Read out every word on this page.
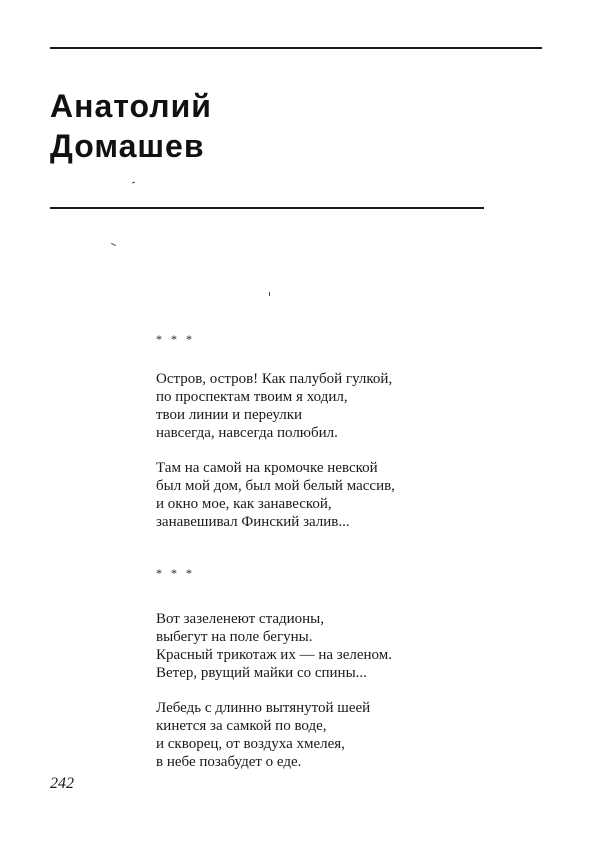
Анатолий
Домашев
* * *
Остров, остров! Как палубой гулкой,
по проспектам твоим я ходил,
твои линии и переулки
навсегда, навсегда полюбил.
Там на самой на кромочке невской
был мой дом, был мой белый массив,
и окно мое, как занавеской,
занавешивал Финский залив...
* * *
Вот зазеленеют стадионы,
выбегут на поле бегуны.
Красный трикотаж их — на зеленом.
Ветер, рвущий майки со спины...
Лебедь с длинно вытянутой шеей
кинется за самкой по воде,
и скворец, от воздуха хмелея,
в небе позабудет о еде.
242
